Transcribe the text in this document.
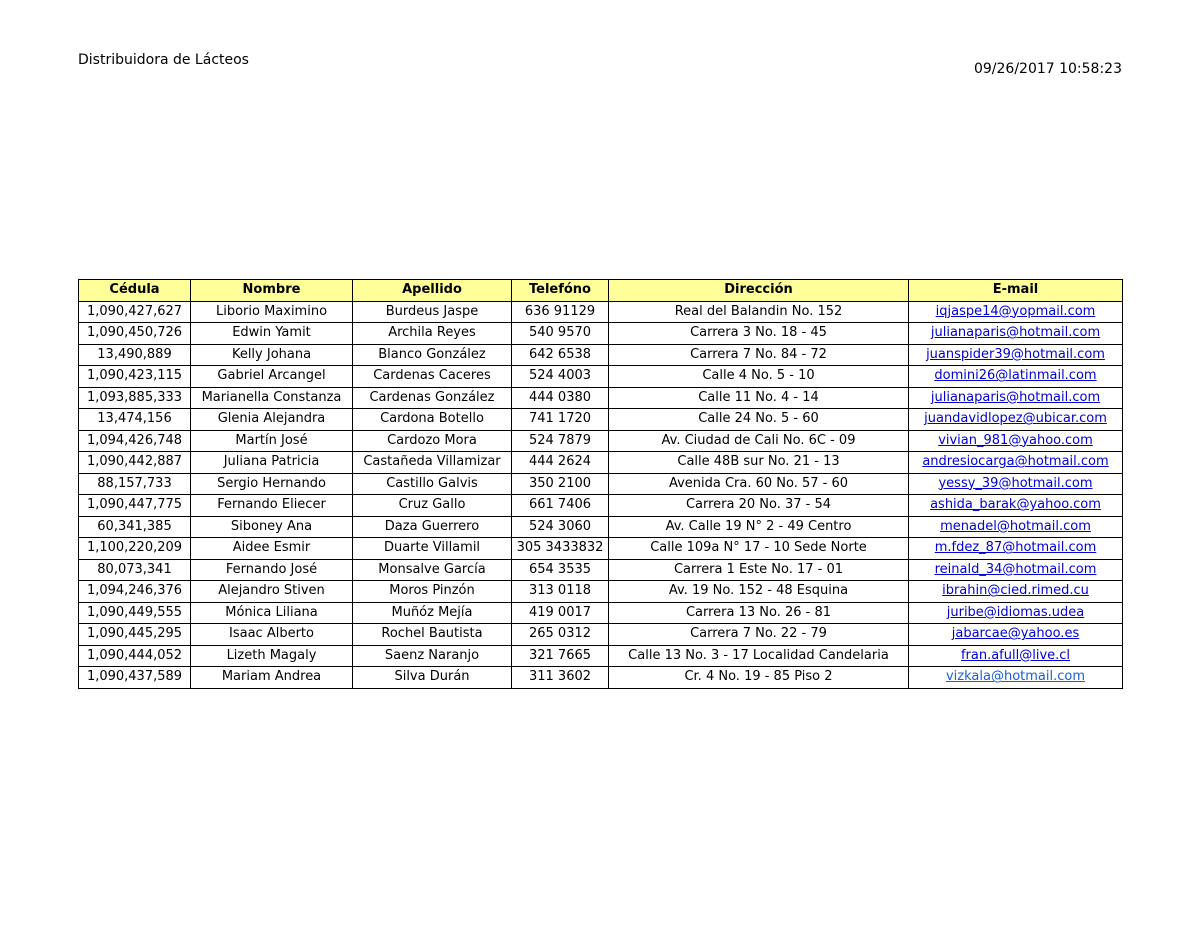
Distribuidora de Lácteos
09/26/2017 10:58:23
Cédula	Nombre	Apellido	Telefóno	Dirección	E-mail
1,090,427,627	Liborio Maximino	Burdeus Jaspe	636 91129	Real del Balandin No. 152	iqjaspe14@yopmail.com
1,090,450,726	Edwin Yamit	Archila Reyes	540 9570	Carrera 3 No. 18 - 45	julianaparis@hotmail.com
13,490,889	Kelly Johana	Blanco González	642 6538	Carrera 7 No. 84 - 72	juanspider39@hotmail.com
1,090,423,115	Gabriel Arcangel	Cardenas Caceres	524 4003	Calle 4 No. 5 - 10	domini26@latinmail.com
1,093,885,333	Marianella Constanza	Cardenas González	444 0380	Calle 11 No. 4 - 14	julianaparis@hotmail.com
13,474,156	Glenia Alejandra	Cardona Botello	741 1720	Calle 24 No. 5 - 60	juandavidlopez@ubicar.com
1,094,426,748	Martín José	Cardozo Mora	524 7879	Av. Ciudad de Cali No. 6C - 09	vivian_981@yahoo.com
1,090,442,887	Juliana Patricia	Castañeda Villamizar	444 2624	Calle 48B sur No. 21 - 13	andresiocarga@hotmail.com
88,157,733	Sergio Hernando	Castillo Galvis	350 2100	Avenida Cra. 60 No. 57 - 60	yessy_39@hotmail.com
1,090,447,775	Fernando Eliecer	Cruz Gallo	661 7406	Carrera 20 No. 37 - 54	ashida_barak@yahoo.com
60,341,385	Siboney Ana	Daza Guerrero	524 3060	Av. Calle 19 N° 2 - 49 Centro	menadel@hotmail.com
1,100,220,209	Aidee Esmir	Duarte Villamil	305 3433832	Calle 109a N° 17 - 10 Sede Norte	m.fdez_87@hotmail.com
80,073,341	Fernando José	Monsalve García	654 3535	Carrera 1 Este No. 17 - 01	reinald_34@hotmail.com
1,094,246,376	Alejandro Stiven	Moros Pinzón	313 0118	Av. 19 No. 152 - 48 Esquina	ibrahin@cied.rimed.cu
1,090,449,555	Mónica Liliana	Muñóz Mejía	419 0017	Carrera 13 No. 26 - 81	juribe@idiomas.udea
1,090,445,295	Isaac Alberto	Rochel Bautista	265 0312	Carrera 7 No. 22 - 79	jabarcae@yahoo.es
1,090,444,052	Lizeth Magaly	Saenz Naranjo	321 7665	Calle 13 No. 3 - 17 Localidad Candelaria	fran.afull@live.cl
1,090,437,589	Mariam Andrea	Silva Durán	311 3602	Cr. 4 No. 19 - 85 Piso 2	vizkala@hotmail.com
